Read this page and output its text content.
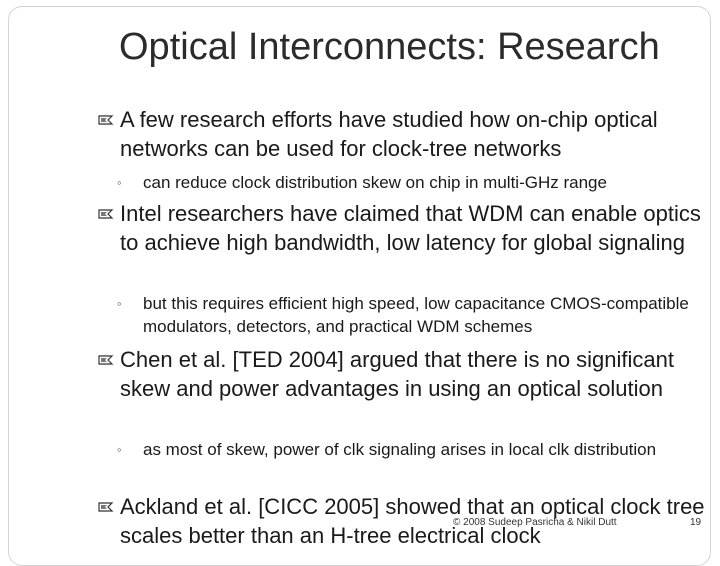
Optical Interconnects: Research
A few research efforts have studied how on-chip optical networks can be used for clock-tree networks
◦ can reduce clock distribution skew on chip in multi-GHz range
Intel researchers have claimed that WDM can enable optics to achieve high bandwidth, low latency for global signaling
◦ but this requires efficient high speed, low capacitance CMOS-compatible modulators, detectors, and practical WDM schemes
Chen et al. [TED 2004] argued that there is no significant skew and power advantages in using an optical solution
◦ as most of skew, power of clk signaling arises in local clk distribution
Ackland et al. [CICC 2005] showed that an optical clock tree scales better than an H-tree electrical clock
© 2008 Sudeep Pasricha & Nikil Dutt	19
